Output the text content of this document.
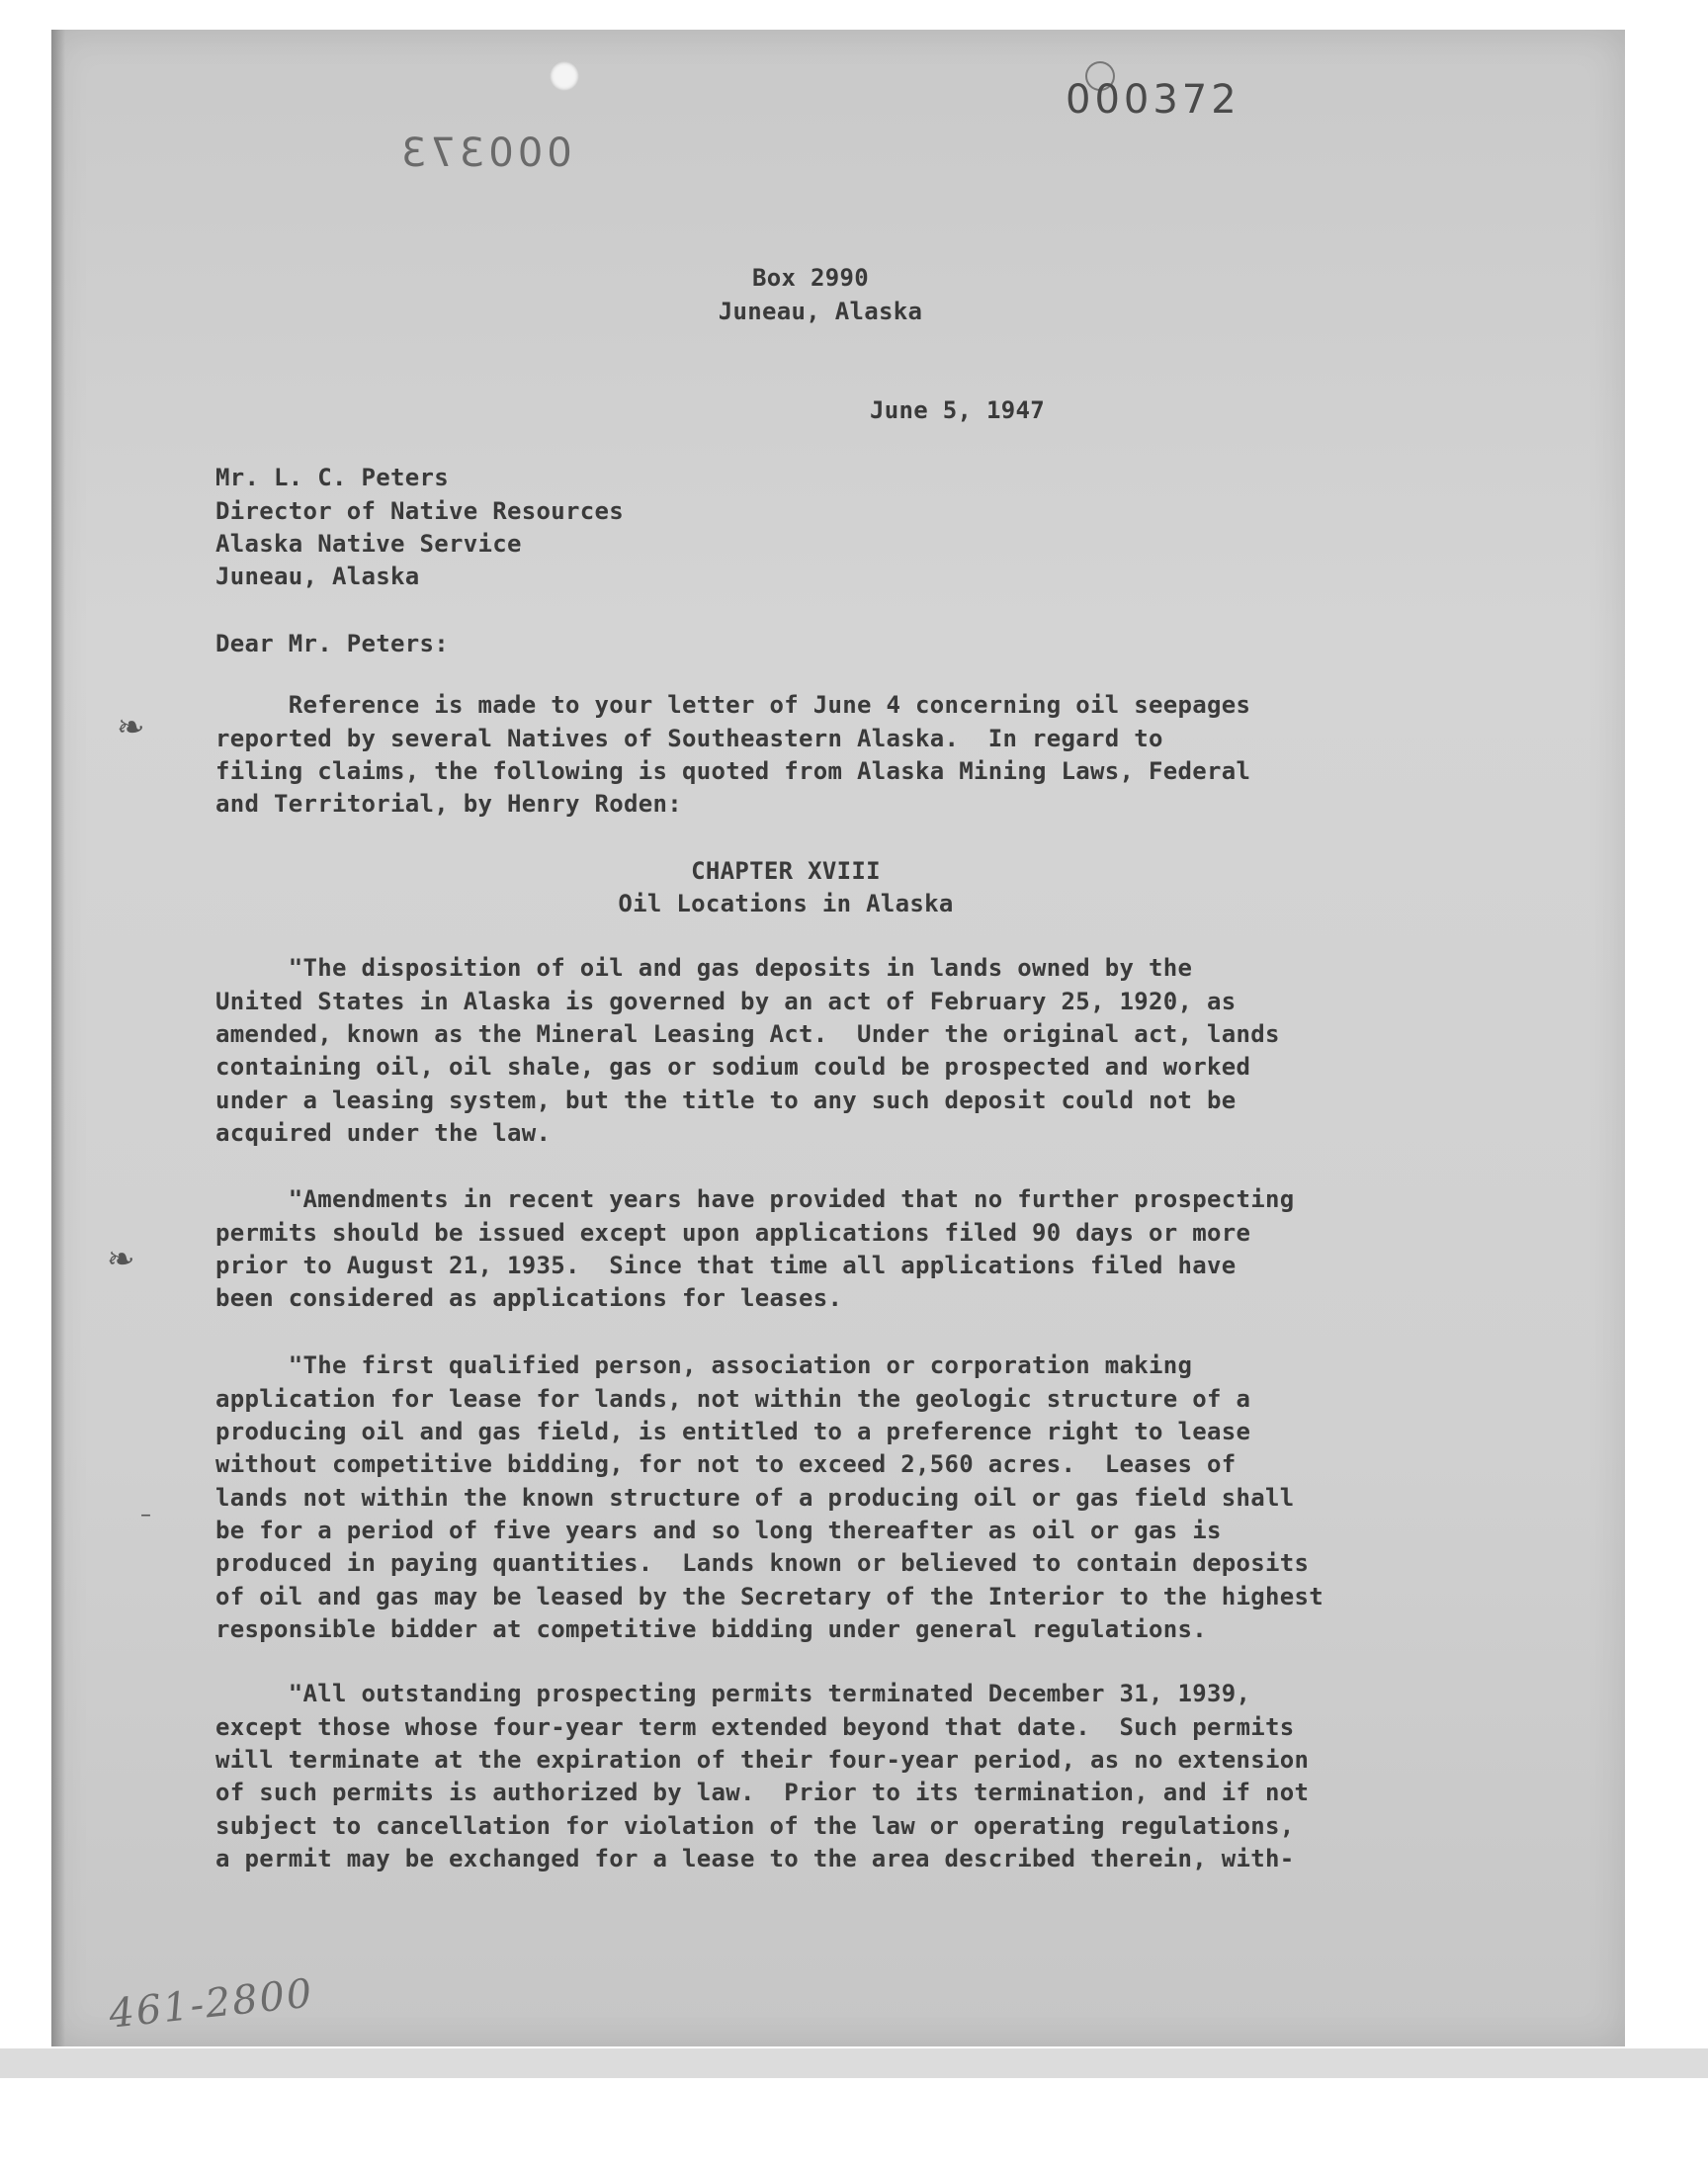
000372
000373
Box 2990
Juneau, Alaska
June 5, 1947
Mr. L. C. Peters
Director of Native Resources
Alaska Native Service
Juneau, Alaska
Dear Mr. Peters:
Reference is made to your letter of June 4 concerning oil seepages
reported by several Natives of Southeastern Alaska.  In regard to
filing claims, the following is quoted from Alaska Mining Laws, Federal
and Territorial, by Henry Roden:
CHAPTER XVIII
Oil Locations in Alaska
"The disposition of oil and gas deposits in lands owned by the
United States in Alaska is governed by an act of February 25, 1920, as
amended, known as the Mineral Leasing Act.  Under the original act, lands
containing oil, oil shale, gas or sodium could be prospected and worked
under a leasing system, but the title to any such deposit could not be
acquired under the law.
"Amendments in recent years have provided that no further prospecting
permits should be issued except upon applications filed 90 days or more
prior to August 21, 1935.  Since that time all applications filed have
been considered as applications for leases.
"The first qualified person, association or corporation making
application for lease for lands, not within the geologic structure of a
producing oil and gas field, is entitled to a preference right to lease
without competitive bidding, for not to exceed 2,560 acres.  Leases of
lands not within the known structure of a producing oil or gas field shall
be for a period of five years and so long thereafter as oil or gas is
produced in paying quantities.  Lands known or believed to contain deposits
of oil and gas may be leased by the Secretary of the Interior to the highest
responsible bidder at competitive bidding under general regulations.
"All outstanding prospecting permits terminated December 31, 1939,
except those whose four-year term extended beyond that date.  Such permits
will terminate at the expiration of their four-year period, as no extension
of such permits is authorized by law.  Prior to its termination, and if not
subject to cancellation for violation of the law or operating regulations,
a permit may be exchanged for a lease to the area described therein, with-
❧
❧
–
461-2800
